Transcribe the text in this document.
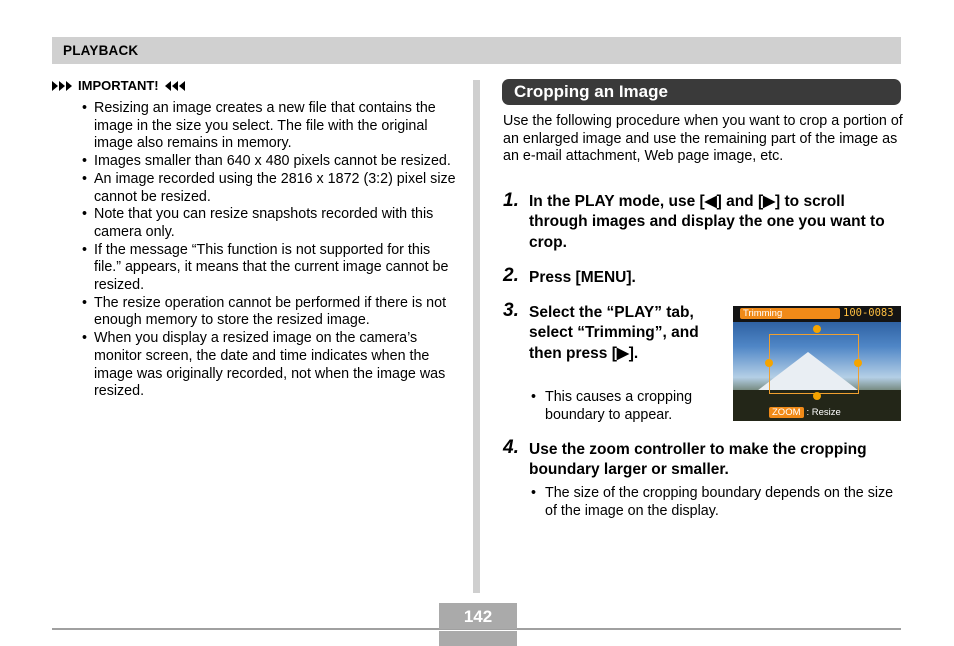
PLAYBACK
IMPORTANT!
• Resizing an image creates a new file that contains the image in the size you select. The file with the original image also remains in memory.
• Images smaller than 640 x 480 pixels cannot be resized.
• An image recorded using the 2816 x 1872 (3:2) pixel size cannot be resized.
• Note that you can resize snapshots recorded with this camera only.
• If the message “This function is not supported for this file.” appears, it means that the current image cannot be resized.
• The resize operation cannot be performed if there is not enough memory to store the resized image.
• When you display a resized image on the camera’s monitor screen, the date and time indicates when the image was originally recorded, not when the image was resized.
Cropping an Image

Use the following procedure when you want to crop a portion of an enlarged image and use the remaining part of the image as an e-mail attachment, Web page image, etc.

1. In the PLAY mode, use [◀] and [▶] to scroll through images and display the one you want to crop.

2. Press [MENU].

3. Select the “PLAY” tab, select “Trimming”, and then press [▶].

• This causes a cropping boundary to appear.

Trimming	100-0083
ZOOM : Resize
4. Use the zoom controller to make the cropping boundary larger or smaller.

• The size of the cropping boundary depends on the size of the image on the display.

142
